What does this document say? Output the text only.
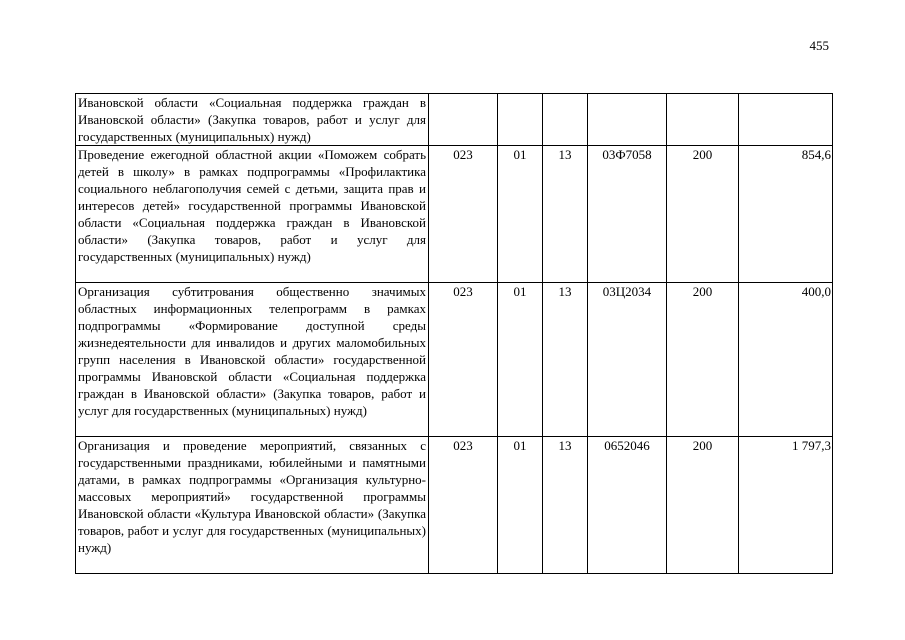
455
Ивановской области «Социальная поддержка граждан в Ивановской области» (Закупка товаров, работ и услуг для государственных (муниципальных) нужд)						
Проведение ежегодной областной акции «Поможем собрать детей в школу» в рамках подпрограммы «Профилактика социального неблагополучия семей с детьми, защита прав и интересов детей» государственной программы Ивановской области «Социальная поддержка граждан в Ивановской области» (Закупка товаров, работ и услуг для государственных (муниципальных) нужд)	023	01	13	03Ф7058	200	854,6
Организация субтитрования общественно значимых областных информационных телепрограмм в рамках подпрограммы «Формирование доступной среды жизнедеятельности для инвалидов и других маломобильных групп населения в Ивановской области» государственной программы Ивановской области «Социальная поддержка граждан в Ивановской области» (Закупка товаров, работ и услуг для государственных (муниципальных) нужд)	023	01	13	03Ц2034	200	400,0
Организация и проведение мероприятий, связанных с государственными праздниками, юбилейными и памятными датами, в рамках подпрограммы «Организация культурно-массовых мероприятий» государственной программы Ивановской области «Культура Ивановской области» (Закупка товаров, работ и услуг для государственных (муниципальных) нужд)	023	01	13	0652046	200	1 797,3
